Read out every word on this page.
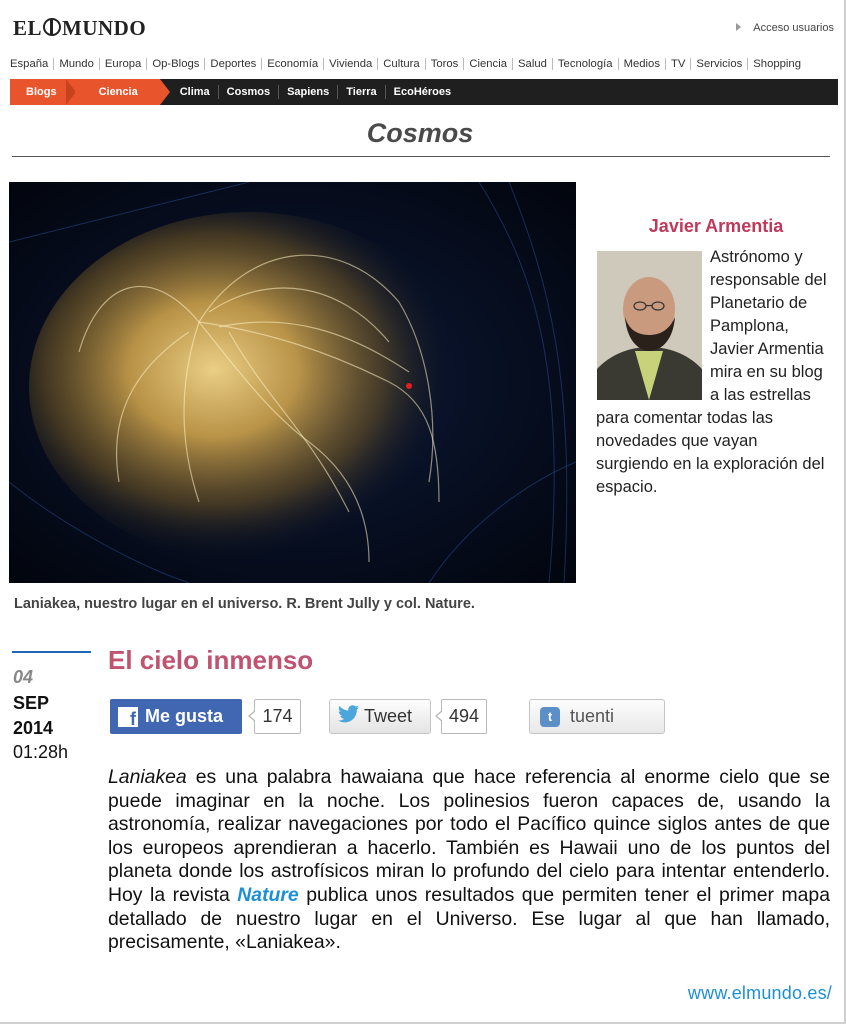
EL MUNDO	Acceso usuarios
España Mundo Europa Op-Blogs Deportes Economía Vivienda Cultura Toros Ciencia Salud Tecnología Medios TV Servicios Shopping
Blogs	Ciencia	Clima	Cosmos	Sapiens	Tierra	EcoHéroes
Cosmos
Laniakea, nuestro lugar en el universo. R. Brent Jully y col. Nature.
Javier Armentia
Astrónomo y responsable del Planetario de Pamplona, Javier Armentia mira en su blog a las estrellas para comentar todas las novedades que vayan surgiendo en la exploración del espacio.
04
SEP
2014
01:28h
El cielo inmenso
f Me gusta	174	Tweet	494	t tuenti
Laniakea es una palabra hawaiana que hace referencia al enorme cielo que se puede imaginar en la noche. Los polinesios fueron capaces de, usando la astronomía, realizar navegaciones por todo el Pacífico quince siglos antes de que los europeos aprendieran a hacerlo. También es Hawaii uno de los puntos del planeta donde los astrofísicos miran lo profundo del cielo para intentar entenderlo. Hoy la revista Nature publica unos resultados que permiten tener el primer mapa detallado de nuestro lugar en el Universo. Ese lugar al que han llamado, precisamente, «Laniakea».
www.elmundo.es/
